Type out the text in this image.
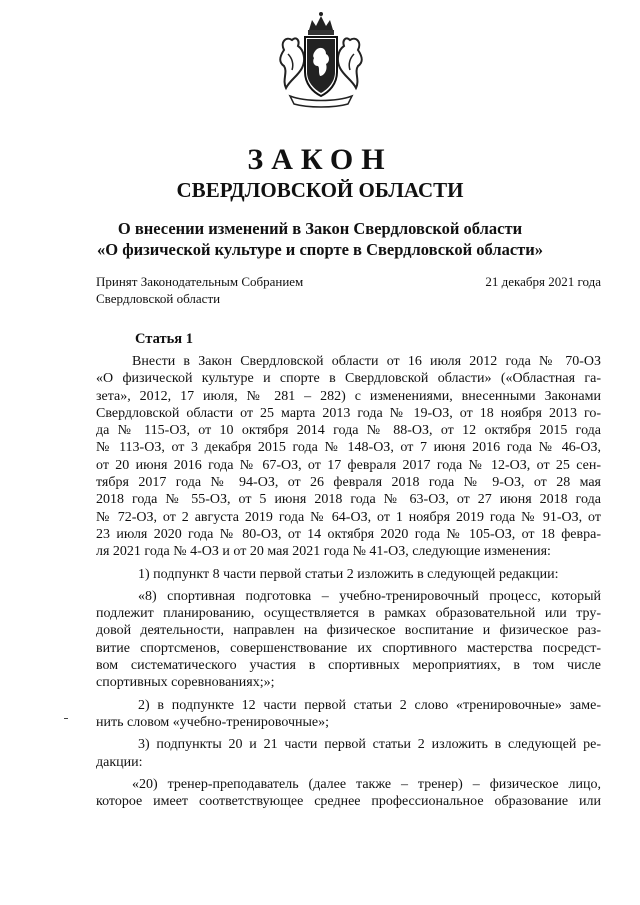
ЗАКОН
СВЕРДЛОВСКОЙ ОБЛАСТИ
О внесении изменений в Закон Свердловской области
«О физической культуре и спорте в Свердловской области»
Принят Законодательным Собранием
Свердловской области
21 декабря 2021 года
Статья 1

Внести в Закон Свердловской области от 16 июля 2012 года № 70-ОЗ
«О физической культуре и спорте в Свердловской области» («Областная га-
зета», 2012, 17 июля, № 281 – 282) с изменениями, внесенными Законами
Свердловской области от 25 марта 2013 года № 19-ОЗ, от 18 ноября 2013 го-
да № 115-ОЗ, от 10 октября 2014 года № 88-ОЗ, от 12 октября 2015 года
№ 113-ОЗ, от 3 декабря 2015 года № 148-ОЗ, от 7 июня 2016 года № 46-ОЗ,
от 20 июня 2016 года № 67-ОЗ, от 17 февраля 2017 года № 12-ОЗ, от 25 сен-
тября 2017 года № 94-ОЗ, от 26 февраля 2018 года № 9-ОЗ, от 28 мая
2018 года № 55-ОЗ, от 5 июня 2018 года № 63-ОЗ, от 27 июня 2018 года
№ 72-ОЗ, от 2 августа 2019 года № 64-ОЗ, от 1 ноября 2019 года № 91-ОЗ, от
23 июля 2020 года № 80-ОЗ, от 14 октября 2020 года № 105-ОЗ, от 18 февра-
ля 2021 года № 4-ОЗ и от 20 мая 2021 года № 41-ОЗ, следующие изменения:

1) подпункт 8 части первой статьи 2 изложить в следующей редакции:

«8) спортивная подготовка – учебно-тренировочный процесс, который
подлежит планированию, осуществляется в рамках образовательной или тру-
довой деятельности, направлен на физическое воспитание и физическое раз-
витие спортсменов, совершенствование их спортивного мастерства посредст-
вом систематического участия в спортивных мероприятиях, в том числе
спортивных соревнованиях;»;

2) в подпункте 12 части первой статьи 2 слово «тренировочные» заме-
нить словом «учебно-тренировочные»;

3) подпункты 20 и 21 части первой статьи 2 изложить в следующей ре-
дакции:

«20) тренер-преподаватель (далее также – тренер) – физическое лицо,
которое имеет соответствующее среднее профессиональное образование или
